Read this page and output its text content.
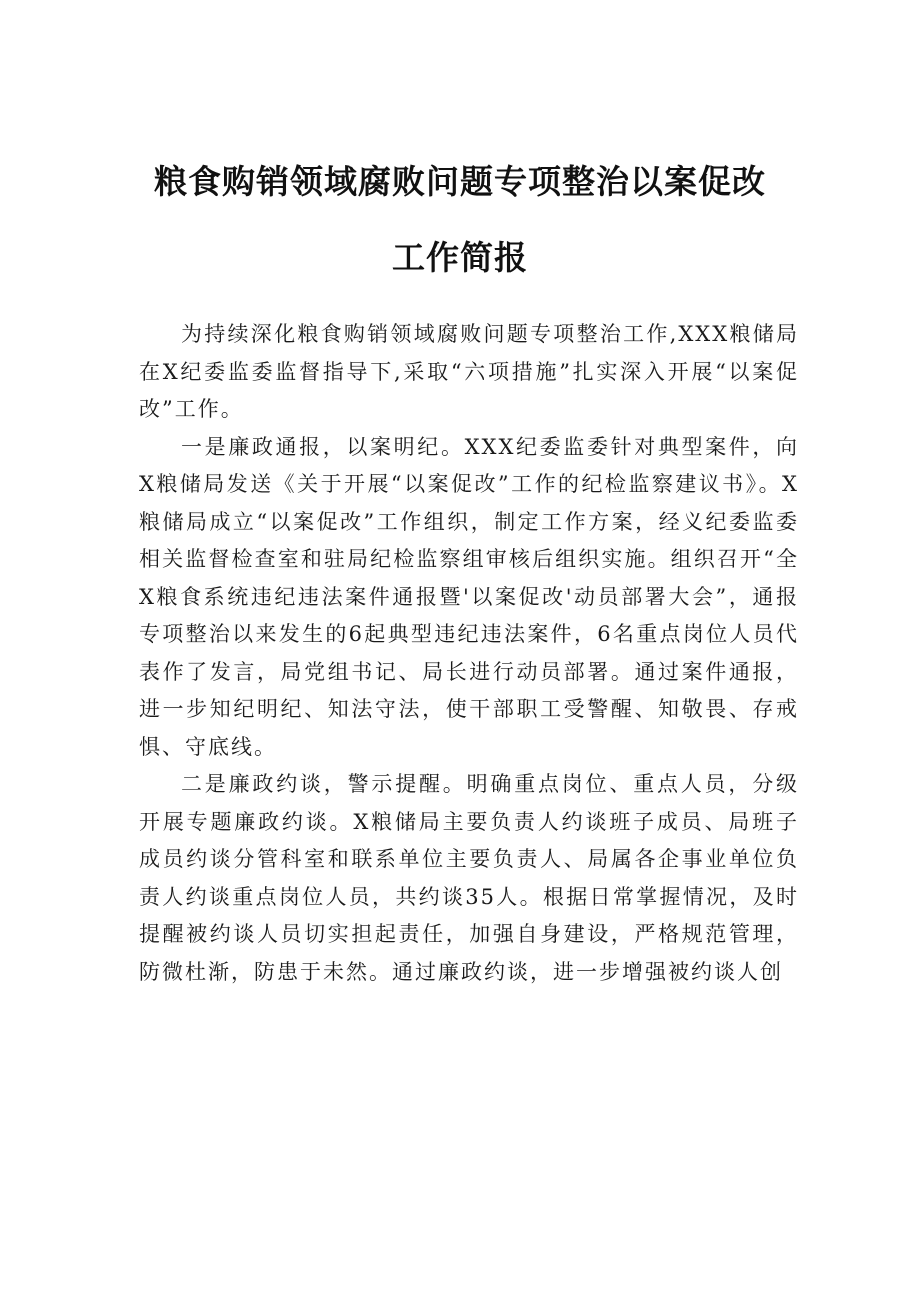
粮食购销领域腐败问题专项整治以案促改
工作简报

为持续深化粮食购销领域腐败问题专项整治工作,XXX粮储局在X纪委监委监督指导下,采取“六项措施”扎实深入开展“以案促改”工作。

一是廉政通报，以案明纪。XXX纪委监委针对典型案件，向X粮储局发送《关于开展“以案促改”工作的纪检监察建议书》。X粮储局成立“以案促改”工作组织，制定工作方案，经义纪委监委相关监督检查室和驻局纪检监察组审核后组织实施。组织召开“全X粮食系统违纪违法案件通报暨'以案促改'动员部署大会”，通报专项整治以来发生的6起典型违纪违法案件，6名重点岗位人员代表作了发言，局党组书记、局长进行动员部署。通过案件通报，进一步知纪明纪、知法守法，使干部职工受警醒、知敬畏、存戒惧、守底线。

二是廉政约谈，警示提醒。明确重点岗位、重点人员，分级开展专题廉政约谈。X粮储局主要负责人约谈班子成员、局班子成员约谈分管科室和联系单位主要负责人、局属各企事业单位负责人约谈重点岗位人员，共约谈35人。根据日常掌握情况，及时提醒被约谈人员切实担起责任，加强自身建设，严格规范管理，防微杜渐，防患于未然。通过廉政约谈，进一步增强被约谈人创
